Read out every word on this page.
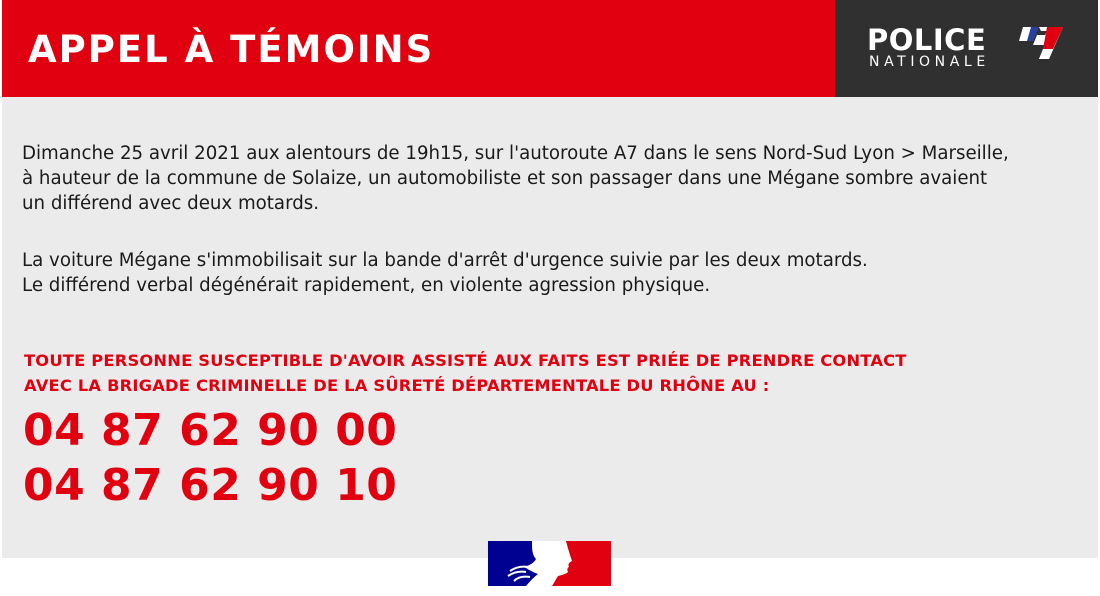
APPEL À TÉMOINS	POLICE
NATIONALE
Dimanche 25 avril 2021 aux alentours de 19h15, sur l'autoroute A7 dans le sens Nord-Sud Lyon > Marseille,
à hauteur de la commune de Solaize, un automobiliste et son passager dans une Mégane sombre avaient
un différend avec deux motards.
La voiture Mégane s'immobilisait sur la bande d'arrêt d'urgence suivie par les deux motards.
Le différend verbal dégénérait rapidement, en violente agression physique.
TOUTE PERSONNE SUSCEPTIBLE D'AVOIR ASSISTÉ AUX FAITS EST PRIÉE DE PRENDRE CONTACT
AVEC LA BRIGADE CRIMINELLE DE LA SÛRETÉ DÉPARTEMENTALE DU RHÔNE AU :
04 87 62 90 00
04 87 62 90 10
